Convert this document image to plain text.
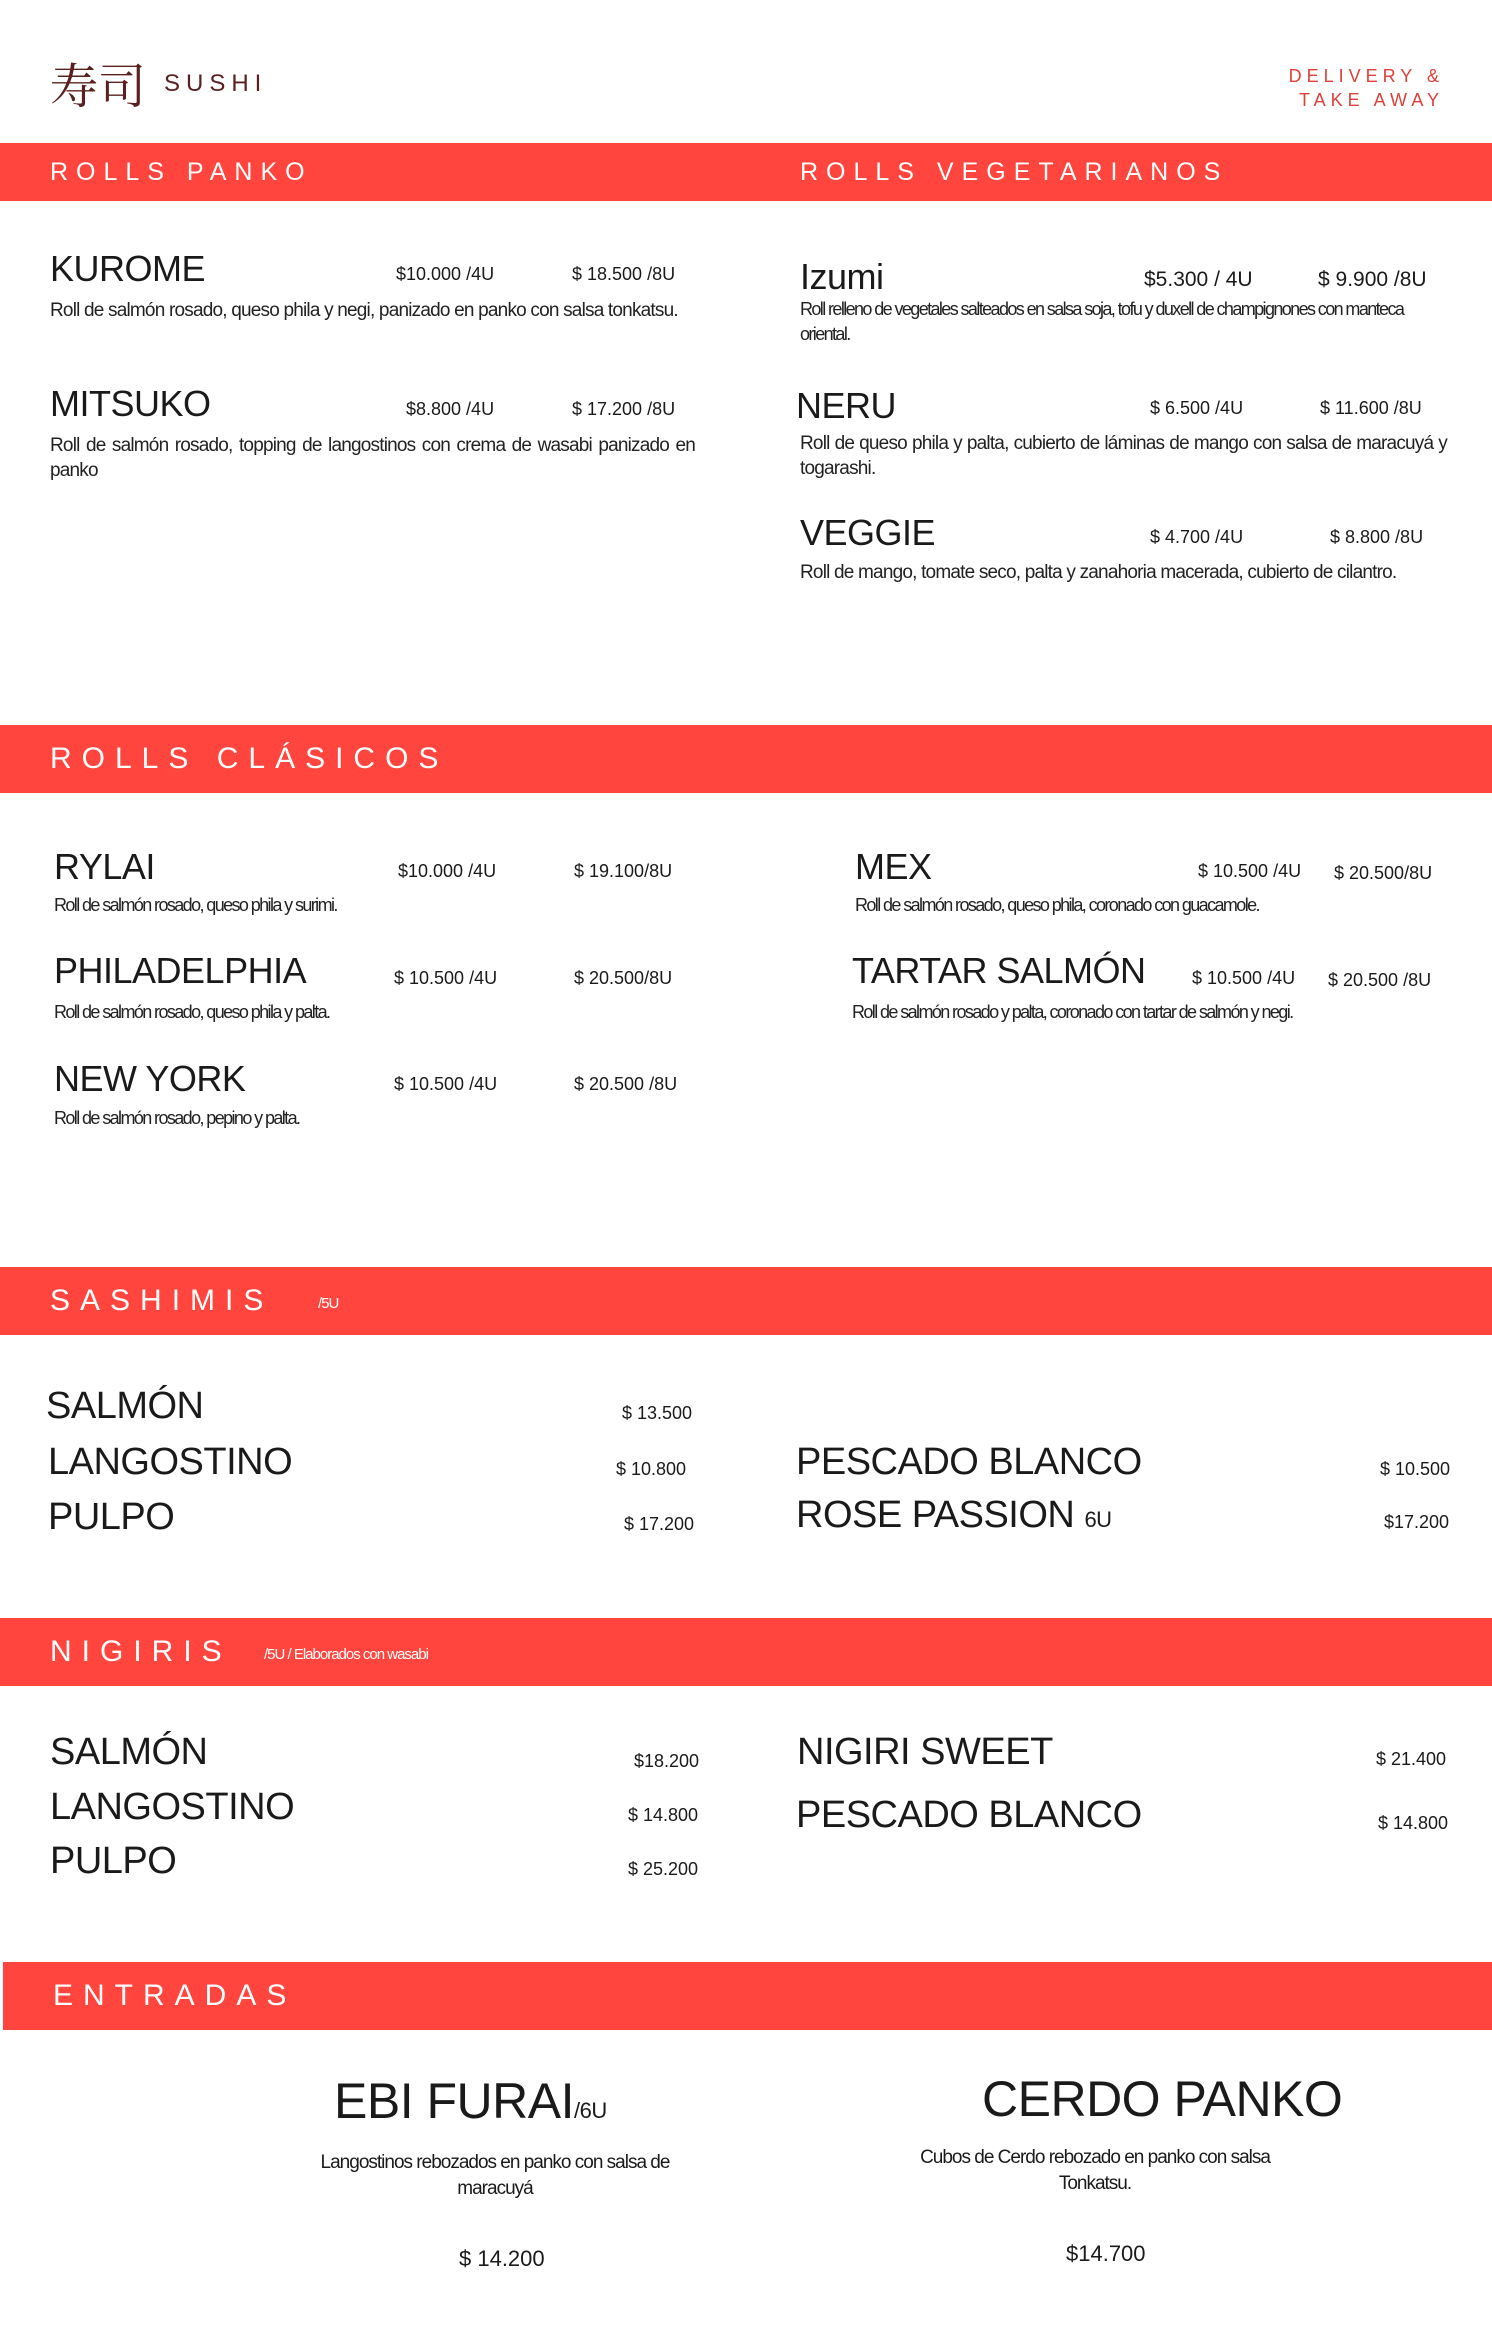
寿司 SUSHI	DELIVERY &
TAKE AWAY
ROLLS PANKO	ROLLS VEGETARIANOS
KUROME	$10.000 /4U	$ 18.500 /8U
Roll de salmón rosado, queso phila y negi, panizado en panko con salsa tonkatsu.
MITSUKO	$8.800 /4U	$ 17.200 /8U
Roll de salmón rosado, topping de langostinos con crema de wasabi panizado en panko
Izumi	$5.300 / 4U	$ 9.900 /8U
Roll relleno de vegetales salteados en salsa soja, tofu y duxell de champignones con manteca oriental.
NERU	$ 6.500 /4U	$ 11.600 /8U
Roll de queso phila y palta, cubierto de láminas de mango con salsa de maracuyá y togarashi.
VEGGIE	$ 4.700 /4U	$ 8.800 /8U
Roll de mango, tomate seco, palta y zanahoria macerada, cubierto de cilantro.
ROLLS CLÁSICOS
RYLAI	$10.000 /4U	$ 19.100/8U
Roll de salmón rosado, queso phila y surimi.
PHILADELPHIA	$ 10.500 /4U	$ 20.500/8U
Roll de salmón rosado, queso phila y palta.
NEW YORK	$ 10.500 /4U	$ 20.500 /8U
Roll de salmón rosado, pepino y palta.
MEX	$ 10.500 /4U $ 20.500/8U
Roll de salmón rosado, queso phila, coronado con guacamole.
TARTAR SALMÓN	$ 10.500 /4U $ 20.500 /8U
Roll de salmón rosado y palta, coronado con tartar de salmón y negi.
SASHIMIS	/5U
SALMÓN	$ 13.500
LANGOSTINO	$ 10.800
PULPO	$ 17.200
PESCADO BLANCO	$ 10.500
ROSE PASSION 6U	$17.200
NIGIRIS /5U / Elaborados con wasabi
SALMÓN	$18.200
LANGOSTINO	$ 14.800
PULPO	$ 25.200
NIGIRI SWEET	$ 21.400
PESCADO BLANCO	$ 14.800
ENTRADAS
EBI FURAI/6U
Langostinos rebozados en panko con salsa de maracuyá
$ 14.200
CERDO PANKO
Cubos de Cerdo rebozado en panko con salsa Tonkatsu.
$14.700
